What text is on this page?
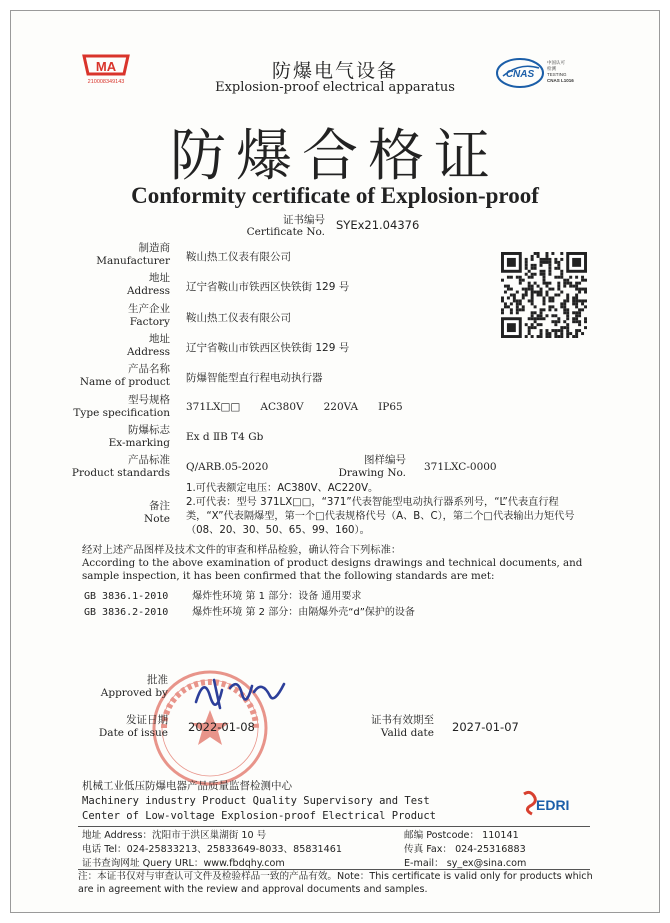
MA
210008349143
CNAS
中国认可
检测
TESTING
CNAS L1016
防爆电气设备
Explosion-proof electrical apparatus
防爆合格证
Conformity certificate of Explosion-proof
证书编号
Certificate No. SYEx21.04376
制造商
Manufacturer 鞍山热工仪表有限公司
地址
Address 辽宁省鞍山市铁西区快铁街 129 号
生产企业
Factory 鞍山热工仪表有限公司
地址
Address 辽宁省鞍山市铁西区快铁街 129 号
产品名称
Name of product 防爆智能型直行程电动执行器
型号规格
Type specification 371LX□□      AC380V      220VA      IP65
防爆标志
Ex-marking Ex d ⅡB T4 Gb
产品标准
Product standards Q/ARB.05-2020
图样编号
Drawing No. 371LXC-0000
备注
Note
1.可代表额定电压：AC380V、AC220V。
2.可代表：型号 371LX□□，“371”代表智能型电动执行器系列号，“L”代表直行程类，“X”代表隔爆型，第一个□代表规格代号（A、B、C），第二个□代表输出力矩代号（08、20、30、50、65、99、160）。
经对上述产品图样及技术文件的审查和样品检验，确认符合下列标准：
According to the above examination of product designs drawings and technical documents, and sample inspection, it has been confirmed that the following standards are met:
GB 3836.1-2010	爆炸性环境 第 1 部分：设备 通用要求
GB 3836.2-2010	爆炸性环境 第 2 部分：由隔爆外壳“d”保护的设备
批准
Approved by
发证日期
Date of issue 2022-01-08	证书有效期至
Valid date 2027-01-07
机械工业低压防爆电器产品质量监督检测中心
Machinery industry Product Quality Supervisory and Test
Center of Low-voltage Explosion-proof Electrical Product
EDRI
地址 Address：沈阳市于洪区巢湖街 10 号
电话 Tel：024-25833213、25833649-8033、85831461
证书查询网址 Query URL：www.fbdqhy.com
邮编 Postcode： 110141
传真 Fax： 024-25316883
E-mail： sy_ex@sina.com
注：本证书仅对与审查认可文件及检验样品一致的产品有效。Note：This certificate is valid only for products which are in agreement with the review and approval documents and samples.
